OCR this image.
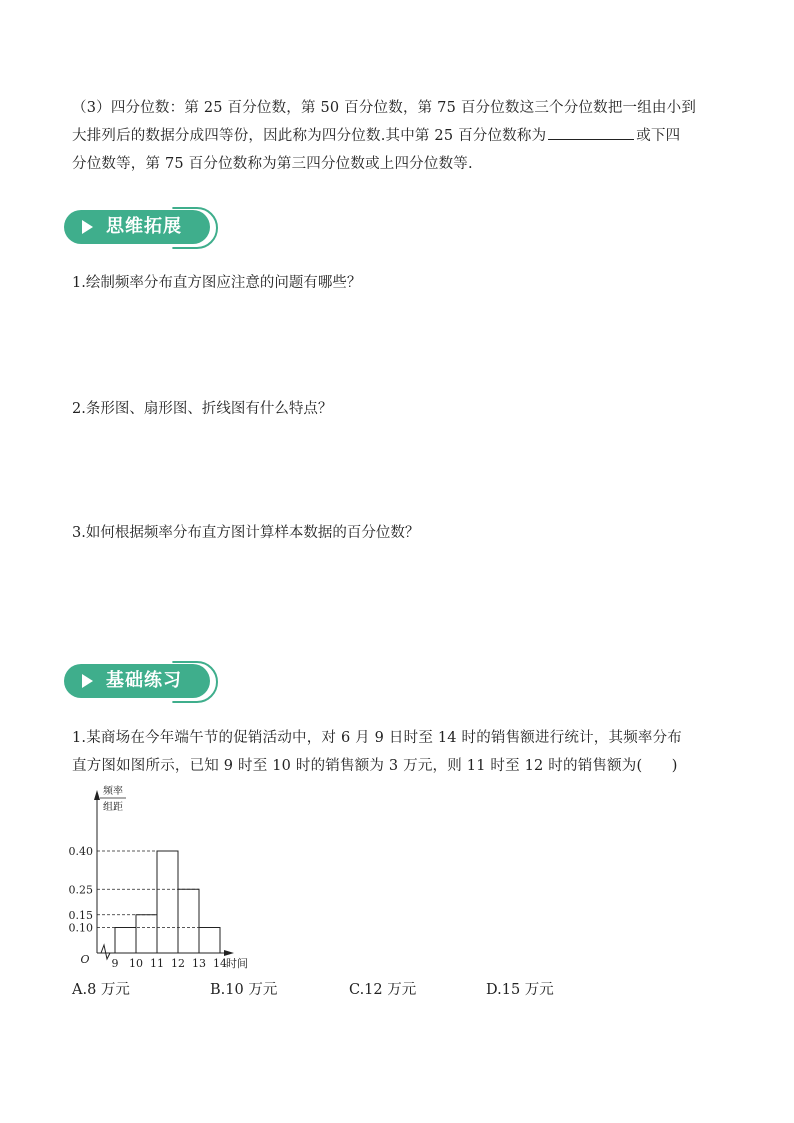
（3）四分位数：第 25 百分位数，第 50 百分位数，第 75 百分位数这三个分位数把一组由小到
大排列后的数据分成四等份，因此称为四分位数.其中第 25 百分位数称为	或下四
分位数等，第 75 百分位数称为第三四分位数或上四分位数等.

思维拓展

1.绘制频率分布直方图应注意的问题有哪些？

2.条形图、扇形图、折线图有什么特点？

3.如何根据频率分布直方图计算样本数据的百分位数？

基础练习

1.某商场在今年端午节的促销活动中，对 6 月 9 日时至 14 时的销售额进行统计，其频率分布
直方图如图所示，已知 9 时至 10 时的销售额为 3 万元，则 11 时至 12 时的销售额为(　　)

0.10
0.15
0.25
0.40
9 10 11 12 13 14 时间
O
频率
组距
A.8 万元	B.10 万元	C.12 万元	D.15 万元
